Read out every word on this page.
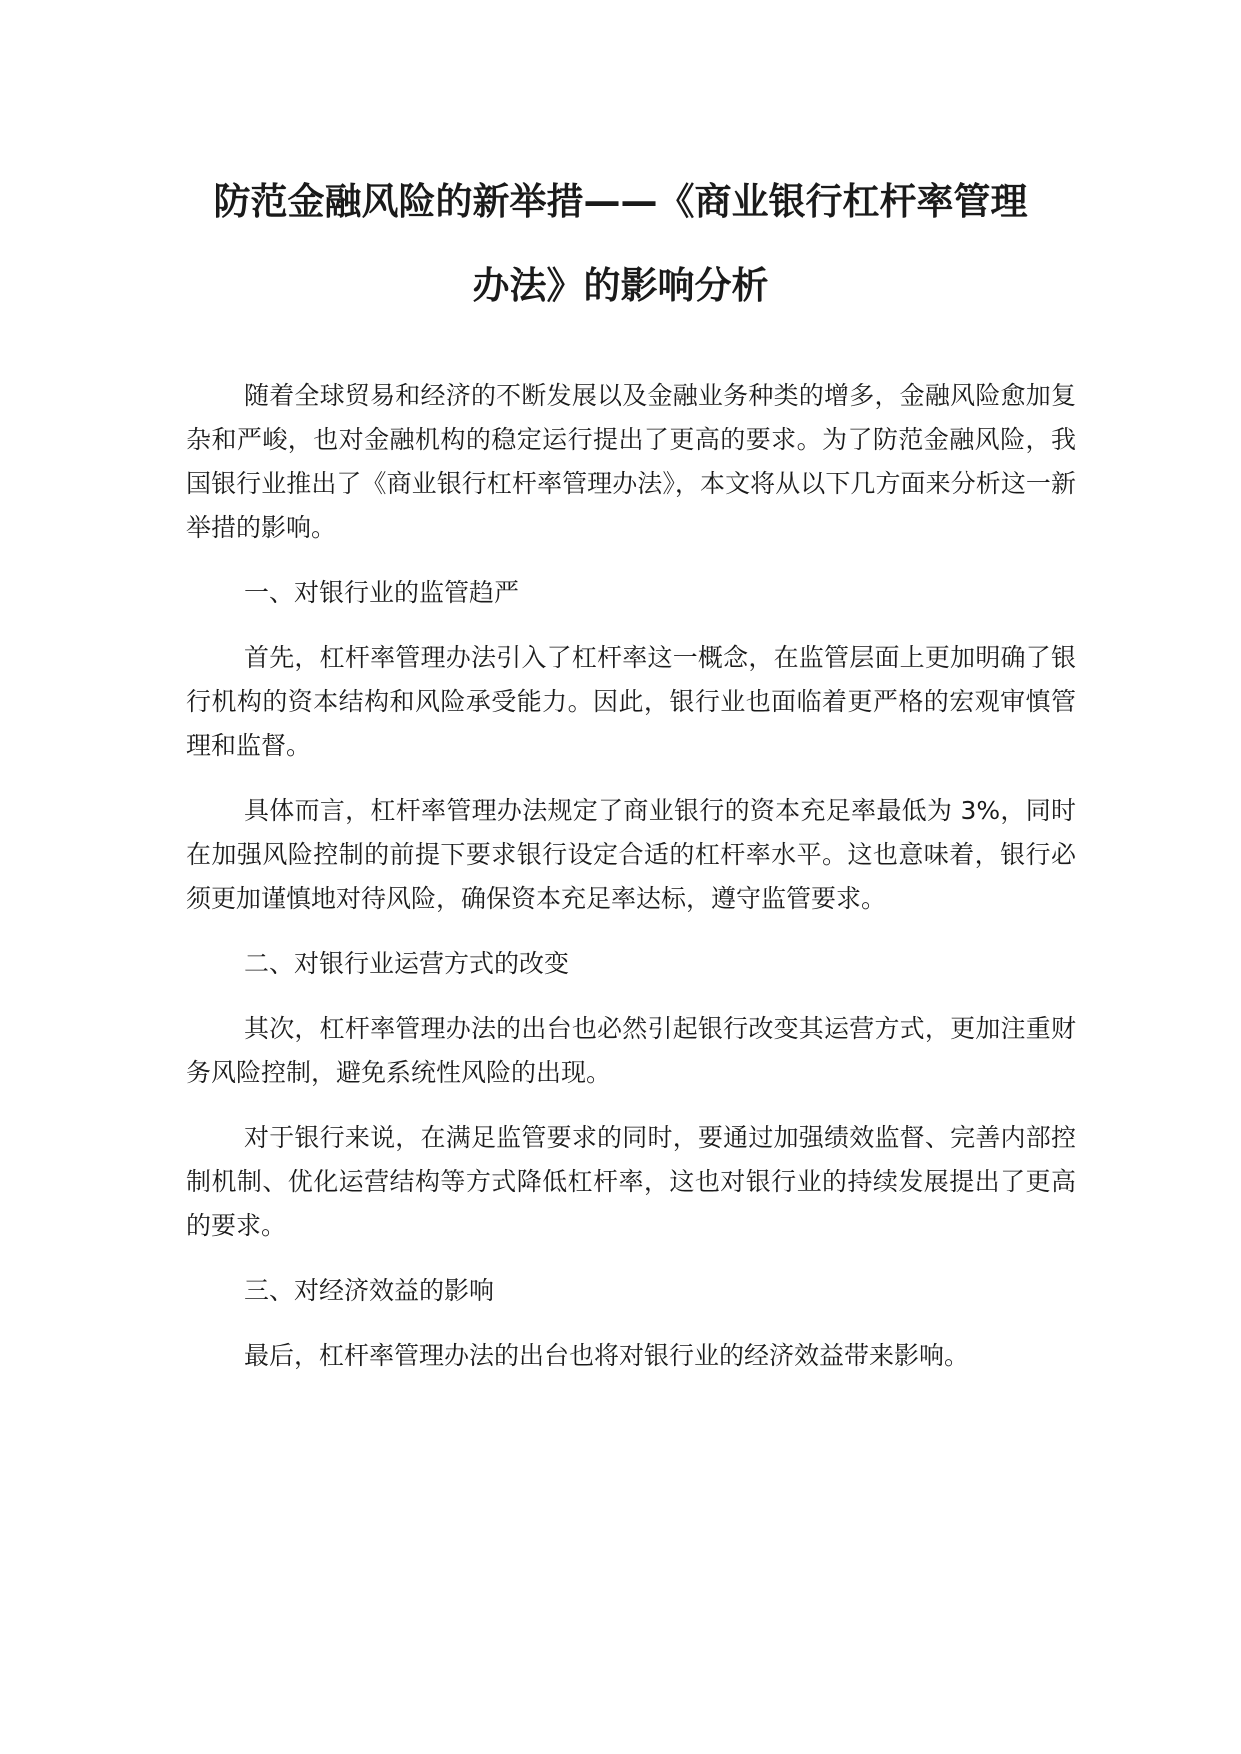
防范金融风险的新举措——《商业银行杠杆率管理
办法》的影响分析

随着全球贸易和经济的不断发展以及金融业务种类的增多，金融风险愈加复杂和严峻，也对金融机构的稳定运行提出了更高的要求。为了防范金融风险，我国银行业推出了《商业银行杠杆率管理办法》，本文将从以下几方面来分析这一新举措的影响。

一、对银行业的监管趋严

首先，杠杆率管理办法引入了杠杆率这一概念，在监管层面上更加明确了银行机构的资本结构和风险承受能力。因此，银行业也面临着更严格的宏观审慎管理和监督。

具体而言，杠杆率管理办法规定了商业银行的资本充足率最低为 3%，同时在加强风险控制的前提下要求银行设定合适的杠杆率水平。这也意味着，银行必须更加谨慎地对待风险，确保资本充足率达标，遵守监管要求。

二、对银行业运营方式的改变

其次，杠杆率管理办法的出台也必然引起银行改变其运营方式，更加注重财务风险控制，避免系统性风险的出现。

对于银行来说，在满足监管要求的同时，要通过加强绩效监督、完善内部控制机制、优化运营结构等方式降低杠杆率，这也对银行业的持续发展提出了更高的要求。

三、对经济效益的影响

最后，杠杆率管理办法的出台也将对银行业的经济效益带来影响。
